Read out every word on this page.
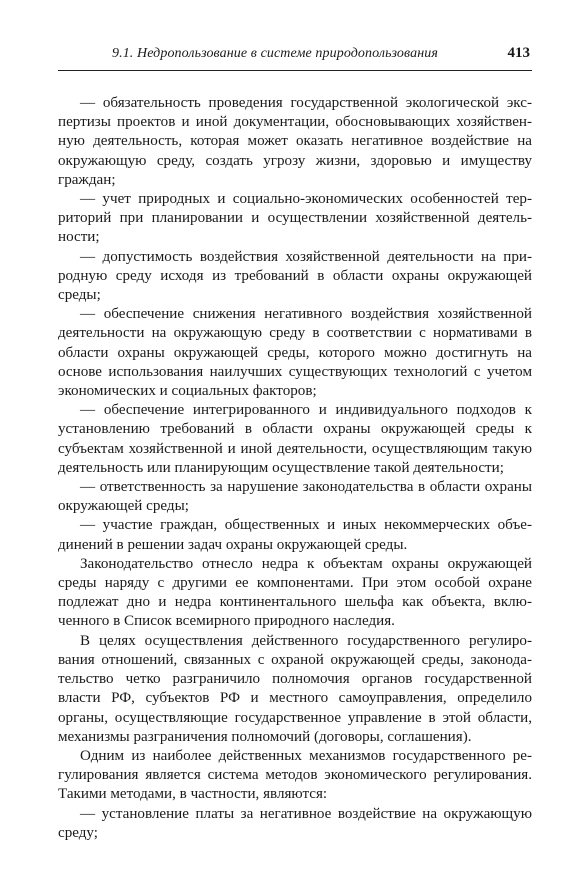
9.1. Недропользование в системе природопользования	413

— обязательность проведения государственной экологической экспертизы проектов и иной документации, обосновывающих хозяйственную деятельность, которая может оказать негативное воздействие на окружающую среду, создать угрозу жизни, здоровью и имуществу граждан;

— учет природных и социально-экономических особенностей территорий при планировании и осуществлении хозяйственной деятельности;

— допустимость воздействия хозяйственной деятельности на природную среду исходя из требований в области охраны окружающей среды;

— обеспечение снижения негативного воздействия хозяйственной деятельности на окружающую среду в соответствии с нормативами в области охраны окружающей среды, которого можно достигнуть на основе использования наилучших существующих технологий с учетом экономических и социальных факторов;

— обеспечение интегрированного и индивидуального подходов к установлению требований в области охраны окружающей среды к субъектам хозяйственной и иной деятельности, осуществляющим такую деятельность или планирующим осуществление такой деятельности;

— ответственность за нарушение законодательства в области охраны окружающей среды;

— участие граждан, общественных и иных некоммерческих объединений в решении задач охраны окружающей среды.

Законодательство отнесло недра к объектам охраны окружающей среды наряду с другими ее компонентами. При этом особой охране подлежат дно и недра континентального шельфа как объекта, включенного в Список всемирного природного наследия.

В целях осуществления действенного государственного регулирования отношений, связанных с охраной окружающей среды, законодательство четко разграничило полномочия органов государственной власти РФ, субъектов РФ и местного самоуправления, определило органы, осуществляющие государственное управление в этой области, механизмы разграничения полномочий (договоры, соглашения).

Одним из наиболее действенных механизмов государственного регулирования является система методов экономического регулирования. Такими методами, в частности, являются:

— установление платы за негативное воздействие на окружающую среду;
